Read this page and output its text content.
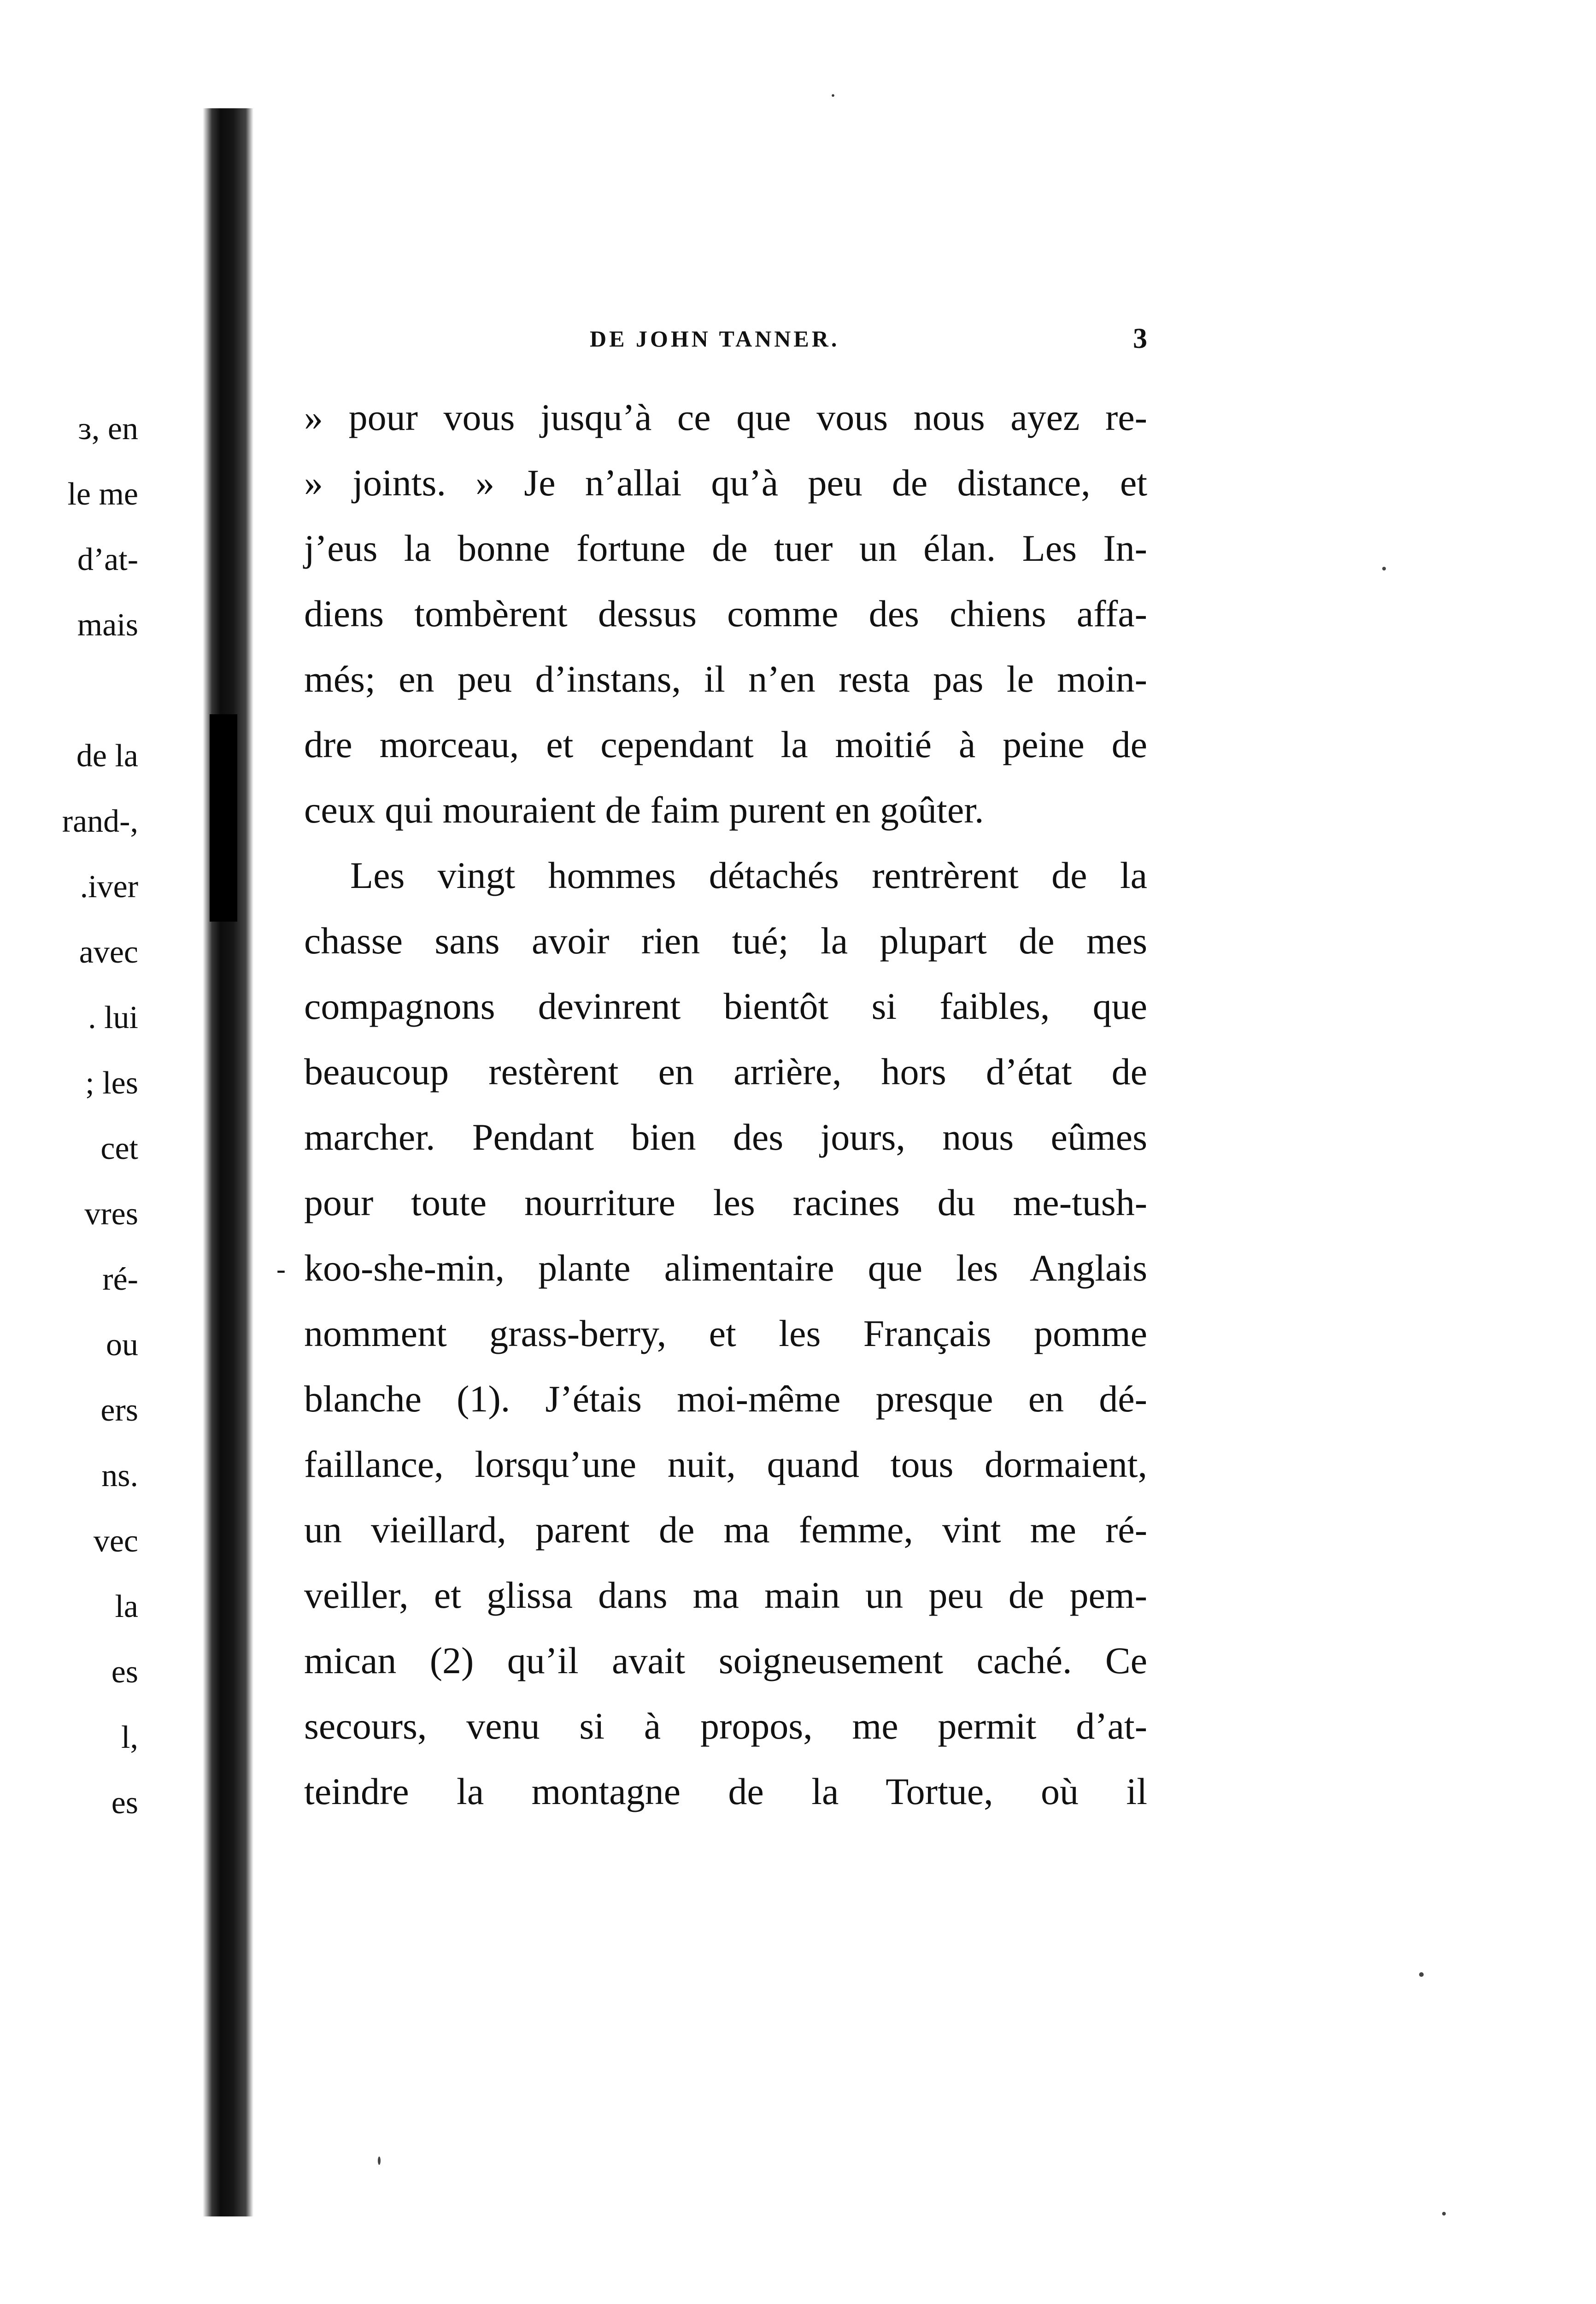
·
ɜ, en
le me
d’at-
mais
de la
rand-,
.iver
avec
. lui
; les
cet
vres
ré-
ou
ers
ns.
vec
la
es
l,
es
DE JOHN TANNER.	3
-
» pour vous jusqu’à ce que vous nous ayez re-
» joints. » Je n’allai qu’à peu de distance, et
j’eus la bonne fortune de tuer un élan. Les In-
diens tombèrent dessus comme des chiens affa-
més; en peu d’instans, il n’en resta pas le moin-
dre morceau, et cependant la moitié à peine de
ceux qui mouraient de faim purent en goûter.
Les vingt hommes détachés rentrèrent de la
chasse sans avoir rien tué; la plupart de mes
compagnons devinrent bientôt si faibles, que
beaucoup restèrent en arrière, hors d’état de
marcher. Pendant bien des jours, nous eûmes
pour toute nourriture les racines du me-tush-
koo-she-min, plante alimentaire que les Anglais
nomment grass-berry, et les Français pomme
blanche (1). J’étais moi-même presque en dé-
faillance, lorsqu’une nuit, quand tous dormaient,
un vieillard, parent de ma femme, vint me ré-
veiller, et glissa dans ma main un peu de pem-
mican (2) qu’il avait soigneusement caché. Ce
secours, venu si à propos, me permit d’at-
teindre la montagne de la Tortue, où il
